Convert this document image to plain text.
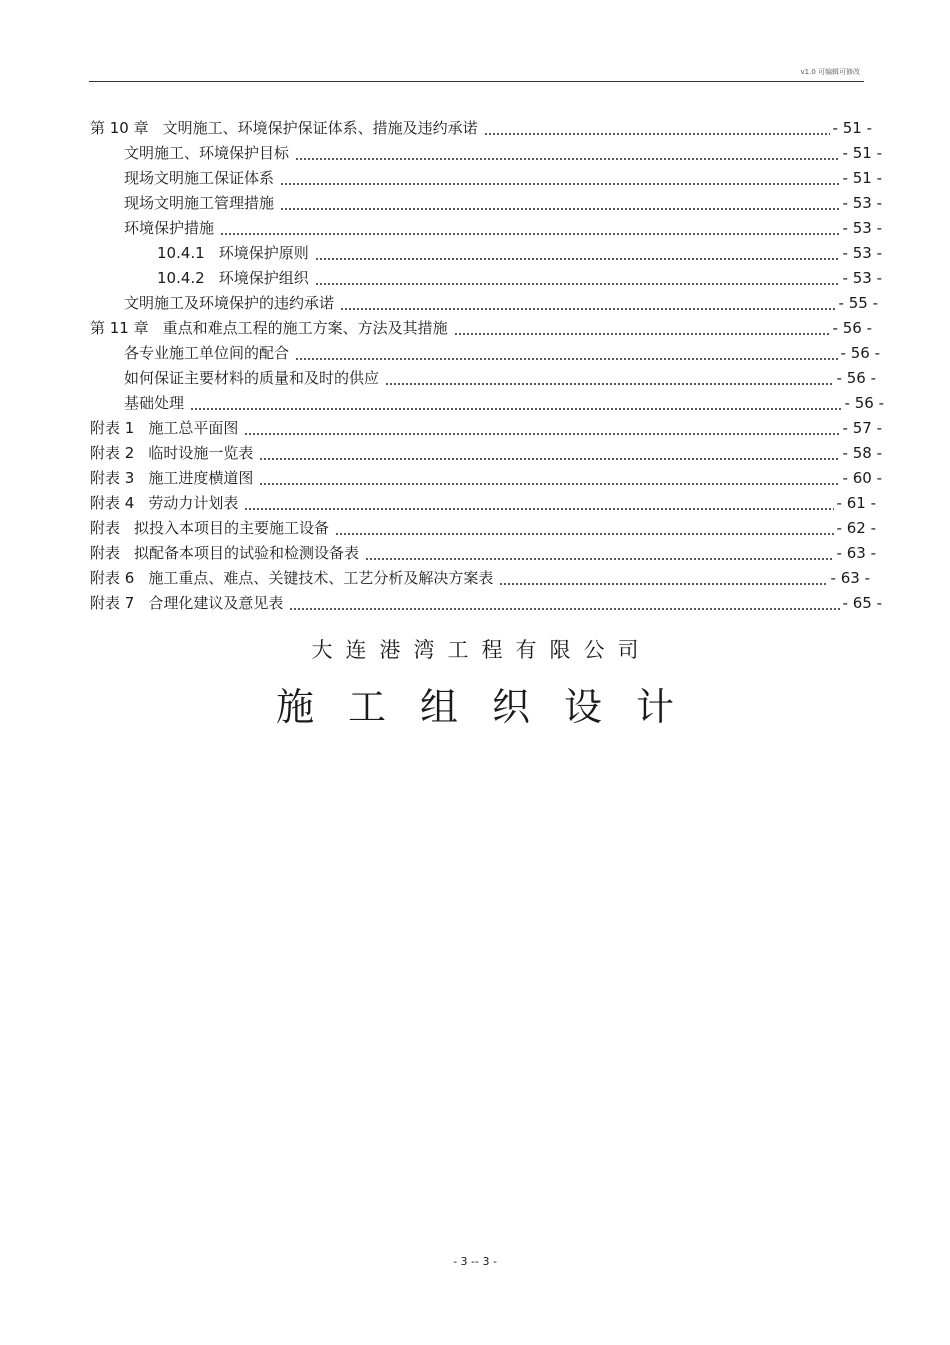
v1.0 可编辑可修改
第 10 章 文明施工、环境保护保证体系、措施及违约承诺	- 51 -
文明施工、环境保护目标	- 51 -
现场文明施工保证体系	- 51 -
现场文明施工管理措施	- 53 -
环境保护措施	- 53 -
10.4.1 环境保护原则	- 53 -
10.4.2 环境保护组织	- 53 -
文明施工及环境保护的违约承诺	- 55 -
第 11 章 重点和难点工程的施工方案、方法及其措施	- 56 -
各专业施工单位间的配合	- 56 -
如何保证主要材料的质量和及时的供应	- 56 -
基础处理	- 56 -
附表 1 施工总平面图	- 57 -
附表 2 临时设施一览表	- 58 -
附表 3 施工进度横道图	- 60 -
附表 4 劳动力计划表	- 61 -
附表 拟投入本项目的主要施工设备	- 62 -
附表 拟配备本项目的试验和检测设备表	- 63 -
附表 6 施工重点、难点、关键技术、工艺分析及解决方案表	- 63 -
附表 7 合理化建议及意见表	- 65 -
大连港湾工程有限公司
施工组织设计
- 3 -- 3 -
